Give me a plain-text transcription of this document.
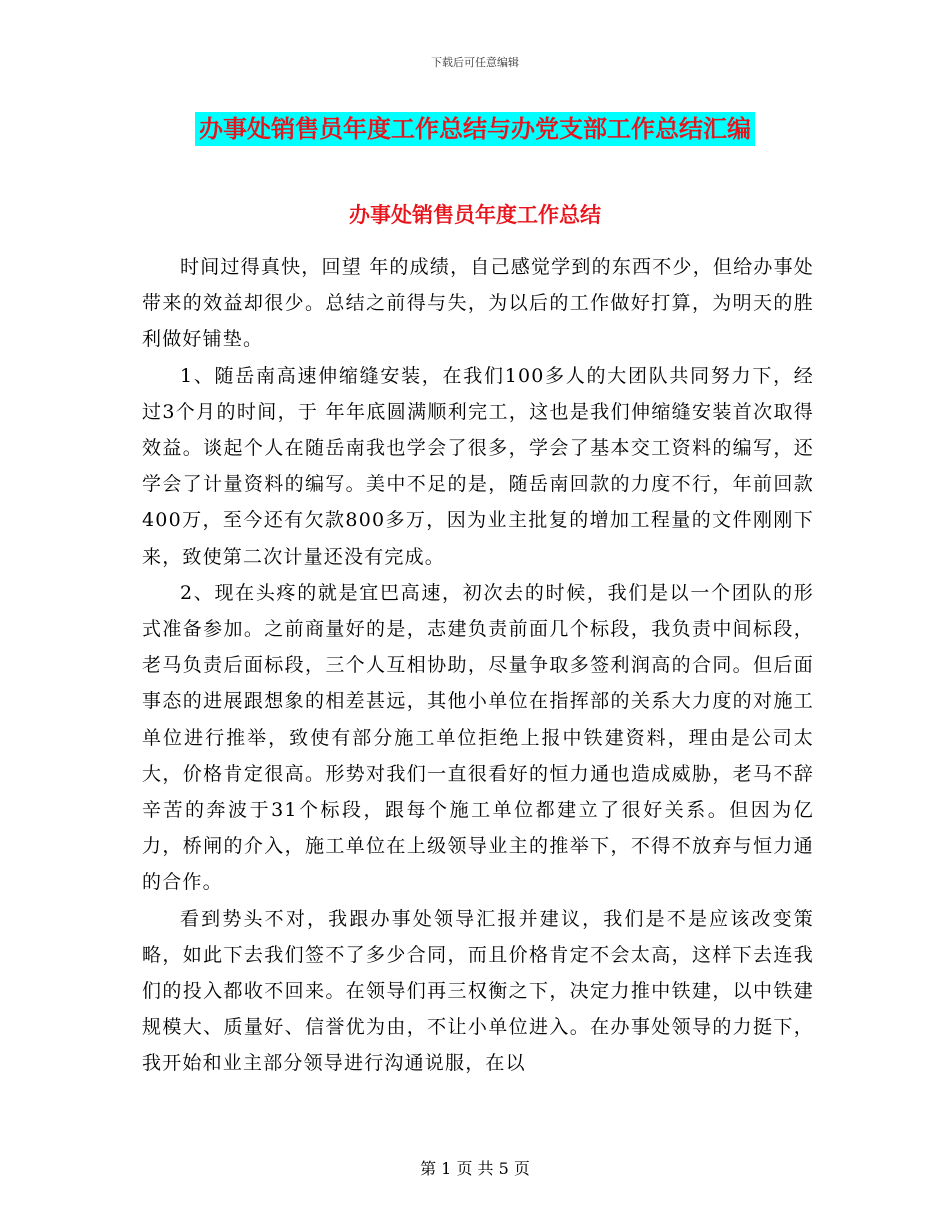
下载后可任意编辑
办事处销售员年度工作总结与办党支部工作总结汇编
办事处销售员年度工作总结

时间过得真快，回望 年的成绩，自己感觉学到的东西不少，但给办事处带来的效益却很少。总结之前得与失，为以后的工作做好打算，为明天的胜利做好铺垫。

1、随岳南高速伸缩缝安装，在我们100多人的大团队共同努力下，经过3个月的时间，于 年年底圆满顺利完工，这也是我们伸缩缝安装首次取得效益。谈起个人在随岳南我也学会了很多，学会了基本交工资料的编写，还学会了计量资料的编写。美中不足的是，随岳南回款的力度不行，年前回款400万，至今还有欠款800多万，因为业主批复的增加工程量的文件刚刚下来，致使第二次计量还没有完成。

2、现在头疼的就是宜巴高速，初次去的时候，我们是以一个团队的形式准备参加。之前商量好的是，志建负责前面几个标段，我负责中间标段，老马负责后面标段，三个人互相协助，尽量争取多签利润高的合同。但后面事态的进展跟想象的相差甚远，其他小单位在指挥部的关系大力度的对施工单位进行推举，致使有部分施工单位拒绝上报中铁建资料，理由是公司太大，价格肯定很高。形势对我们一直很看好的恒力通也造成威胁，老马不辞辛苦的奔波于31个标段，跟每个施工单位都建立了很好关系。但因为亿力，桥闸的介入，施工单位在上级领导业主的推举下，不得不放弃与恒力通的合作。

看到势头不对，我跟办事处领导汇报并建议，我们是不是应该改变策略，如此下去我们签不了多少合同，而且价格肯定不会太高，这样下去连我们的投入都收不回来。在领导们再三权衡之下，决定力推中铁建，以中铁建规模大、质量好、信誉优为由，不让小单位进入。在办事处领导的力挺下，我开始和业主部分领导进行沟通说服，在以

第 1 页 共 5 页
